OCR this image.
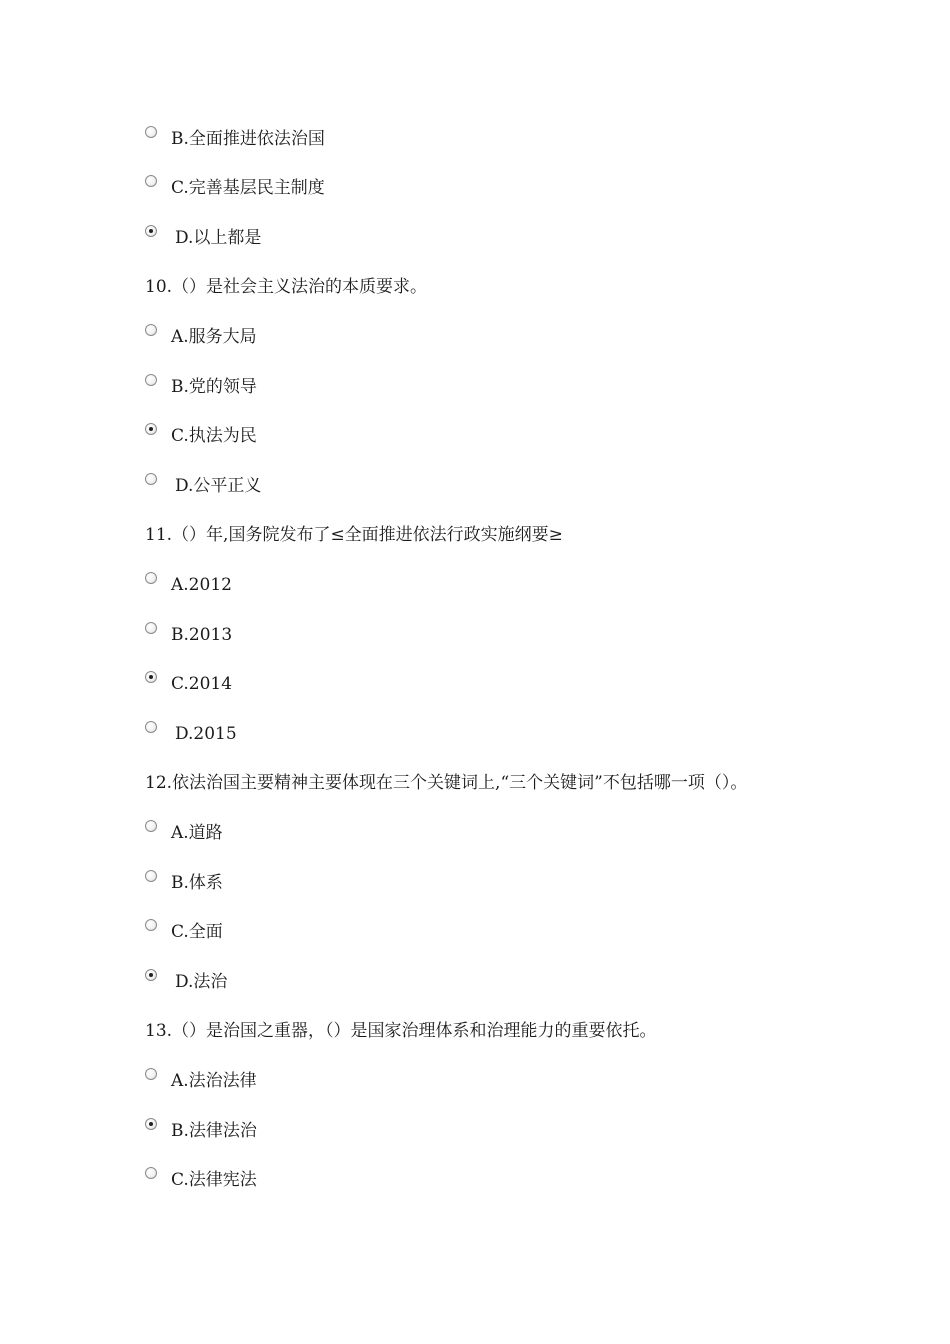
B.全面推进依法治国
C.完善基层民主制度
D.以上都是
10.（）是社会主义法治的本质要求。
A.服务大局
B.党的领导
C.执法为民
D.公平正义
11.（）年,国务院发布了≤全面推进依法行政实施纲要≥
A.2012
B.2013
C.2014
D.2015
12.依法治国主要精神主要体现在三个关键词上,“三个关键词”不包括哪一项（）。
A.道路
B.体系
C.全面
D.法治
13.（）是治国之重器，（）是国家治理体系和治理能力的重要依托。
A.法治法律
B.法律法治
C.法律宪法
